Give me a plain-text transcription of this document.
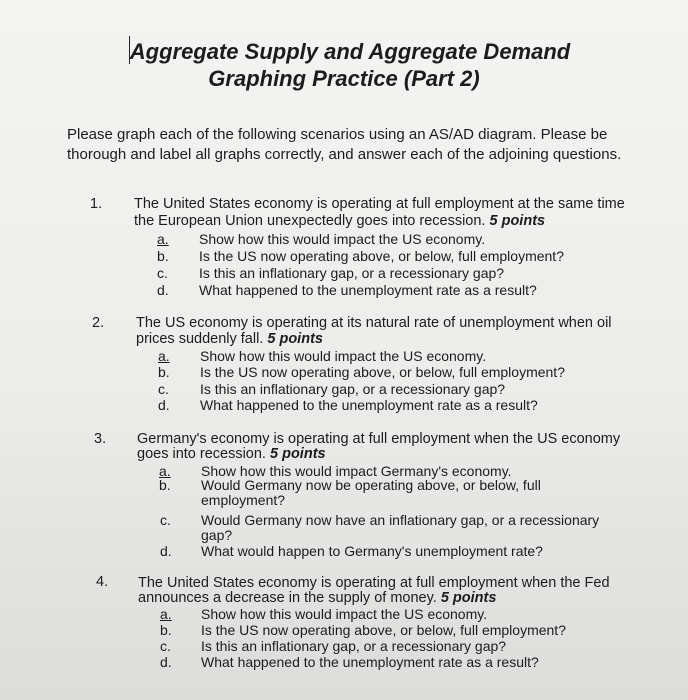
Aggregate Supply and Aggregate Demand
Graphing Practice (Part 2)
Please graph each of the following scenarios using an AS/AD diagram. Please be thorough and label all graphs correctly, and answer each of the adjoining questions.
1. The United States economy is operating at full employment at the same time
the European Union unexpectedly goes into recession. 5 points
a. Show how this would impact the US economy.
b. Is the US now operating above, or below, full employment?
c. Is this an inflationary gap, or a recessionary gap?
d. What happened to the unemployment rate as a result?
2. The US economy is operating at its natural rate of unemployment when oil
prices suddenly fall. 5 points
a. Show how this would impact the US economy.
b. Is the US now operating above, or below, full employment?
c. Is this an inflationary gap, or a recessionary gap?
d. What happened to the unemployment rate as a result?
3. Germany's economy is operating at full employment when the US economy
goes into recession. 5 points
a. Show how this would impact Germany's economy.
b. Would Germany now be operating above, or below, full
employment?
c. Would Germany now have an inflationary gap, or a recessionary
gap?
d. What would happen to Germany's unemployment rate?
4. The United States economy is operating at full employment when the Fed
announces a decrease in the supply of money. 5 points
a. Show how this would impact the US economy.
b. Is the US now operating above, or below, full employment?
c. Is this an inflationary gap, or a recessionary gap?
d. What happened to the unemployment rate as a result?
